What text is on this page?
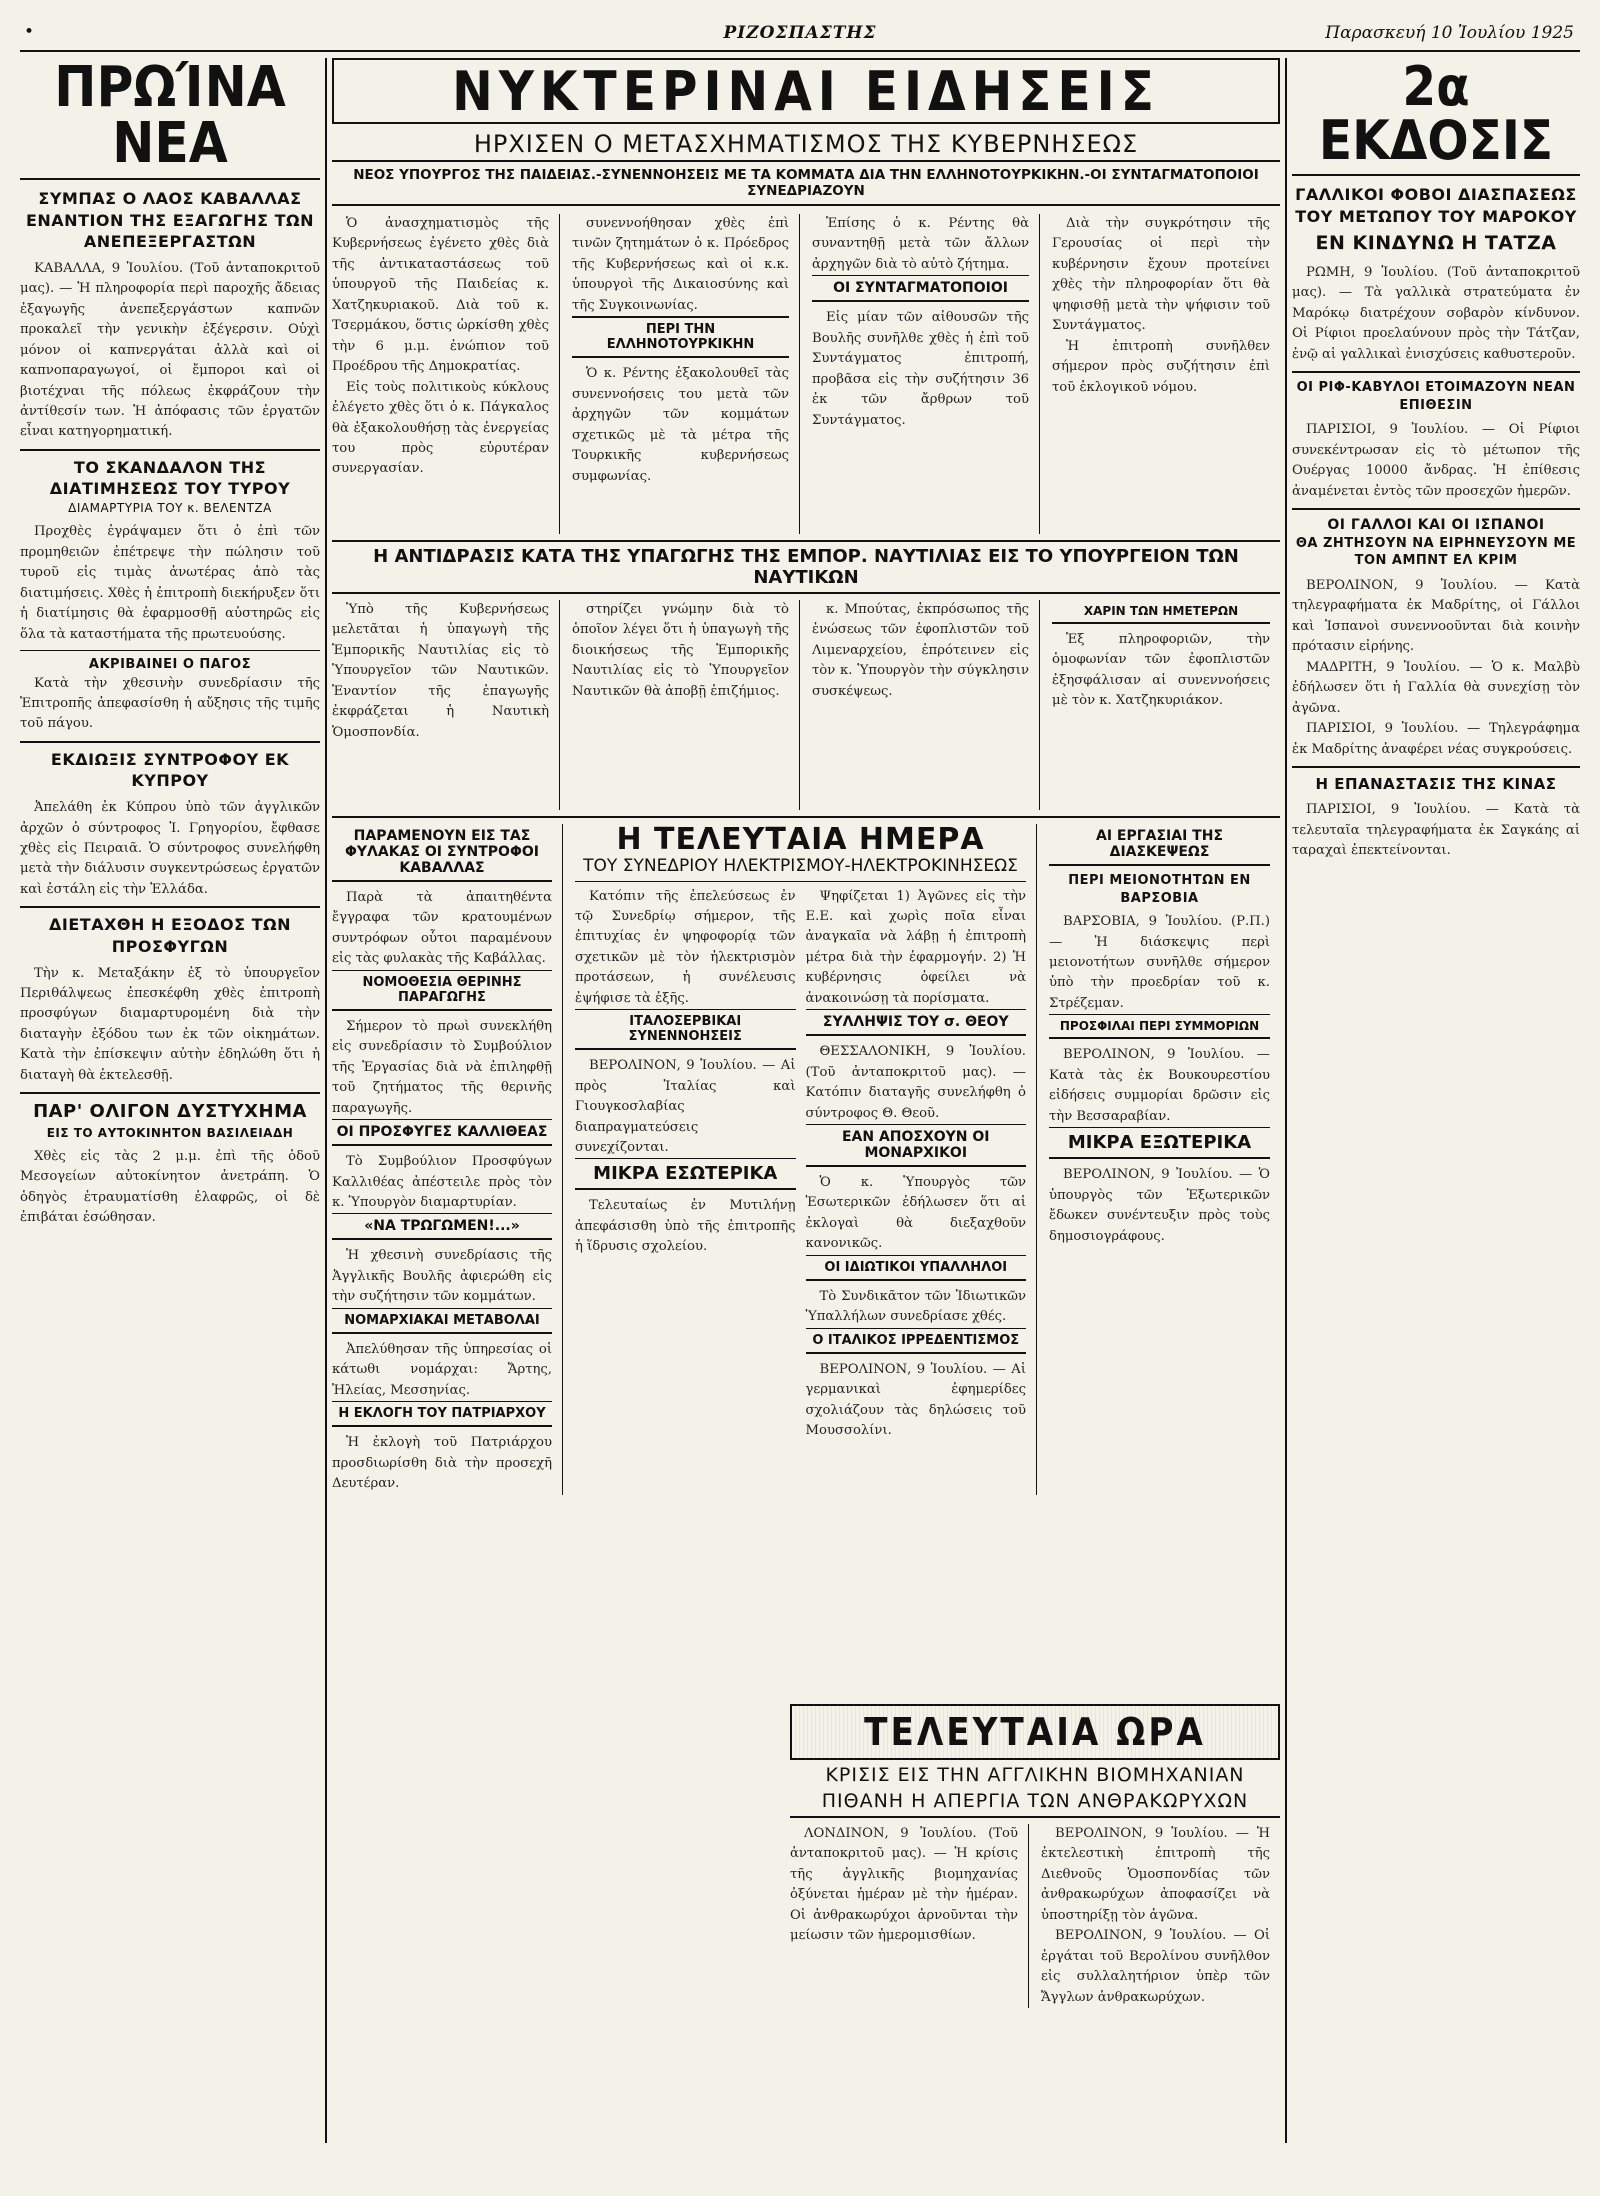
•	ΡΙΖΟΣΠΑΣΤΗΣ	Παρασκευή 10 Ἰουλίου 1925
ΠΡΩΊΝΑ ΝΕΑ
ΣΥΜΠΑΣ Ο ΛΑΟΣ ΚΑΒΑΛΛΑΣ ΕΝΑΝΤΙΟΝ ΤΗΣ ΕΞΑΓΩΓΗΣ ΤΩΝ ΑΝΕΠΕΞΕΡΓΑΣΤΩΝ
ΚΑΒΑΛΛΑ, 9 Ἰουλίου. (Τοῦ ἀνταποκριτοῦ μας). — Ἡ πληροφορία περὶ παροχῆς ἄδειας ἐξαγωγῆς ἀνεπεξεργάστων καπνῶν προκαλεῖ τὴν γενικὴν ἐξέγερσιν. Οὐχὶ μόνον οἱ καπνεργάται ἀλλὰ καὶ οἱ καπνοπαραγωγοί, οἱ ἔμποροι καὶ οἱ βιοτέχναι τῆς πόλεως ἐκφράζουν τὴν ἀντίθεσίν των. Ἡ ἀπόφασις τῶν ἐργατῶν εἶναι κατηγορηματική.
ΤΟ ΣΚΑΝΔΑΛΟΝ ΤΗΣ ΔΙΑΤΙΜΗΣΕΩΣ ΤΟΥ ΤΥΡΟΥ
ΔΙΑΜΑΡΤΥΡΙΑ ΤΟΥ κ. ΒΕΛΕΝΤΖΑ
Προχθὲς ἐγράψαμεν ὅτι ὁ ἐπὶ τῶν προμηθειῶν ἐπέτρεψε τὴν πώλησιν τοῦ τυροῦ εἰς τιμὰς ἀνωτέρας ἀπὸ τὰς διατιμήσεις. Χθὲς ἡ ἐπιτροπὴ διεκήρυξεν ὅτι ἡ διατίμησις θὰ ἐφαρμοσθῇ αὐστηρῶς εἰς ὅλα τὰ καταστήματα τῆς πρωτευούσης.
ΑΚΡΙΒΑΙΝΕΙ Ο ΠΑΓΟΣ
Κατὰ τὴν χθεσινὴν συνεδρίασιν τῆς Ἐπιτροπῆς ἀπεφασίσθη ἡ αὔξησις τῆς τιμῆς τοῦ πάγου.
ΕΚΔΙΩΞΙΣ ΣΥΝΤΡΟΦΟΥ ΕΚ ΚΥΠΡΟΥ
Ἀπελάθη ἐκ Κύπρου ὑπὸ τῶν ἀγγλικῶν ἀρχῶν ὁ σύντροφος Ἰ. Γρηγορίου, ἔφθασε χθὲς εἰς Πειραιᾶ. Ὁ σύντροφος συνελήφθη μετὰ τὴν διάλυσιν συγκεντρώσεως ἐργατῶν καὶ ἐστάλη εἰς τὴν Ἑλλάδα.
ΔΙΕΤΑΧΘΗ Η ΕΞΟΔΟΣ ΤΩΝ ΠΡΟΣΦΥΓΩΝ
Τὴν κ. Μεταξάκην ἐξ τὸ ὑπουργεῖον Περιθάλψεως ἐπεσκέφθη χθὲς ἐπιτροπὴ προσφύγων διαμαρτυρομένη διὰ τὴν διαταγὴν ἐξόδου των ἐκ τῶν οἰκημάτων. Κατὰ τὴν ἐπίσκεψιν αὐτὴν ἐδηλώθη ὅτι ἡ διαταγὴ θὰ ἐκτελεσθῇ.
ΠΑΡ' ΟΛΙΓΟΝ ΔΥΣΤΥΧΗΜΑ
ΕΙΣ ΤΟ ΑΥΤΟΚΙΝΗΤΟΝ ΒΑΣΙΛΕΙΑΔΗ
Χθὲς εἰς τὰς 2 μ.μ. ἐπὶ τῆς ὁδοῦ Μεσογείων αὐτοκίνητον ἀνετράπη. Ὁ ὁδηγὸς ἐτραυματίσθη ἐλαφρῶς, οἱ δὲ ἐπιβάται ἐσώθησαν.
ΝΥΚΤΕΡΙΝΑΙ ΕΙΔΗΣΕΙΣ
ΗΡΧΙΣΕΝ Ο ΜΕΤΑΣΧΗΜΑΤΙΣΜΟΣ ΤΗΣ ΚΥΒΕΡΝΗΣΕΩΣ
ΝΕΟΣ ΥΠΟΥΡΓΟΣ ΤΗΣ ΠΑΙΔΕΙΑΣ.-ΣΥΝΕΝΝΟΗΣΕΙΣ ΜΕ ΤΑ ΚΟΜΜΑΤΑ ΔΙΑ ΤΗΝ ΕΛΛΗΝΟΤΟΥΡΚΙΚΗΝ.-ΟΙ ΣΥΝΤΑΓΜΑΤΟΠΟΙΟΙ ΣΥΝΕΔΡΙΑΖΟΥΝ
Ὁ ἀνασχηματισμὸς τῆς Κυβερνήσεως ἐγένετο χθὲς διὰ τῆς ἀντικαταστάσεως τοῦ ὑπουργοῦ τῆς Παιδείας κ. Χατζηκυριακοῦ. Διὰ τοῦ κ. Τσερμάκου, ὅστις ὡρκίσθη χθὲς τὴν 6 μ.μ. ἐνώπιον τοῦ Προέδρου τῆς Δημοκρατίας.
Εἰς τοὺς πολιτικοὺς κύκλους ἐλέγετο χθὲς ὅτι ὁ κ. Πάγκαλος θὰ ἐξακολουθήσῃ τὰς ἐνεργείας του πρὸς εὐρυτέραν συνεργασίαν.
συνεννοήθησαν χθὲς ἐπὶ τινῶν ζητημάτων ὁ κ. Πρόεδρος τῆς Κυβερνήσεως καὶ οἱ κ.κ. ὑπουργοὶ τῆς Δικαιοσύνης καὶ τῆς Συγκοινωνίας.
ΠΕΡΙ ΤΗΝ ΕΛΛΗΝΟΤΟΥΡΚΙΚΗΝ
Ὁ κ. Ρέντης ἐξακολουθεῖ τὰς συνεννοήσεις του μετὰ τῶν ἀρχηγῶν τῶν κομμάτων σχετικῶς μὲ τὰ μέτρα τῆς Τουρκικῆς κυβερνήσεως συμφωνίας.
Ἐπίσης ὁ κ. Ρέντης θὰ συναντηθῇ μετὰ τῶν ἄλλων ἀρχηγῶν διὰ τὸ αὐτὸ ζήτημα.
ΟΙ ΣΥΝΤΑΓΜΑΤΟΠΟΙΟΙ
Εἰς μίαν τῶν αἰθουσῶν τῆς Βουλῆς συνῆλθε χθὲς ἡ ἐπὶ τοῦ Συντάγματος ἐπιτροπή, προβᾶσα εἰς τὴν συζήτησιν 36 ἐκ τῶν ἄρθρων τοῦ Συντάγματος.
Διὰ τὴν συγκρότησιν τῆς Γερουσίας οἱ περὶ τὴν κυβέρνησιν ἔχουν προτείνει χθὲς τὴν πληροφορίαν ὅτι θὰ ψηφισθῇ μετὰ τὴν ψήφισιν τοῦ Συντάγματος.
Ἡ ἐπιτροπὴ συνῆλθεν σήμερον πρὸς συζήτησιν ἐπὶ τοῦ ἐκλογικοῦ νόμου.
Η ΑΝΤΙΔΡΑΣΙΣ ΚΑΤΑ ΤΗΣ ΥΠΑΓΩΓΗΣ ΤΗΣ ΕΜΠΟΡ. ΝΑΥΤΙΛΙΑΣ ΕΙΣ ΤΟ ΥΠΟΥΡΓΕΙΟΝ ΤΩΝ ΝΑΥΤΙΚΩΝ
Ὑπὸ τῆς Κυβερνήσεως μελετᾶται ἡ ὑπαγωγὴ τῆς Ἐμπορικῆς Ναυτιλίας εἰς τὸ Ὑπουργεῖον τῶν Ναυτικῶν. Ἐναντίον τῆς ἐπαγωγῆς ἐκφράζεται ἡ Ναυτικὴ Ὁμοσπονδία.
στηρίζει γνώμην διὰ τὸ ὁποῖον λέγει ὅτι ἡ ὑπαγωγὴ τῆς διοικήσεως τῆς Ἐμπορικῆς Ναυτιλίας εἰς τὸ Ὑπουργεῖον Ναυτικῶν θὰ ἀποβῇ ἐπιζήμιος.
κ. Μπούτας, ἐκπρόσωπος τῆς ἑνώσεως τῶν ἐφοπλιστῶν τοῦ Λιμεναρχείου, ἐπρότεινεν εἰς τὸν κ. Ὑπουργὸν τὴν σύγκλησιν συσκέψεως.
ΧΑΡΙΝ ΤΩΝ ΗΜΕΤΕΡΩΝ
Ἐξ πληροφοριῶν, τὴν ὁμοφωνίαν τῶν ἐφοπλιστῶν ἐξησφάλισαν αἱ συνεννοήσεις μὲ τὸν κ. Χατζηκυριάκον.
ΠΑΡΑΜΕΝΟΥΝ ΕΙΣ ΤΑΣ ΦΥΛΑΚΑΣ ΟΙ ΣΥΝΤΡΟΦΟΙ ΚΑΒΑΛΛΑΣ
Παρὰ τὰ ἀπαιτηθέντα ἔγγραφα τῶν κρατουμένων συντρόφων οὗτοι παραμένουν εἰς τὰς φυλακὰς τῆς Καβάλλας.
ΝΟΜΟΘΕΣΙΑ ΘΕΡΙΝΗΣ ΠΑΡΑΓΩΓΗΣ
Σήμερον τὸ πρωὶ συνεκλήθη εἰς συνεδρίασιν τὸ Συμβούλιον τῆς Ἐργασίας διὰ νὰ ἐπιληφθῇ τοῦ ζητήματος τῆς θερινῆς παραγωγῆς.
ΟΙ ΠΡΟΣΦΥΓΕΣ ΚΑΛΛΙΘΕΑΣ
Τὸ Συμβούλιον Προσφύγων Καλλιθέας ἀπέστειλε πρὸς τὸν κ. Ὑπουργὸν διαμαρτυρίαν.
«ΝΑ ΤΡΩΓΩΜΕΝ!...»
Ἡ χθεσινὴ συνεδρίασις τῆς Ἀγγλικῆς Βουλῆς ἀφιερώθη εἰς τὴν συζήτησιν τῶν κομμάτων.
ΝΟΜΑΡΧΙΑΚΑΙ ΜΕΤΑΒΟΛΑΙ
Ἀπελύθησαν τῆς ὑπηρεσίας οἱ κάτωθι νομάρχαι: Ἄρτης, Ἠλείας, Μεσσηνίας.
Η ΕΚΛΟΓΗ ΤΟΥ ΠΑΤΡΙΑΡΧΟΥ
Ἡ ἐκλογὴ τοῦ Πατριάρχου προσδιωρίσθη διὰ τὴν προσεχῆ Δευτέραν.
Η ΤΕΛΕΥΤΑΙΑ ΗΜΕΡΑ
ΤΟΥ ΣΥΝΕΔΡΙΟΥ ΗΛΕΚΤΡΙΣΜΟΥ-ΗΛΕΚΤΡΟΚΙΝΗΣΕΩΣ
Κατόπιν τῆς ἐπελεύσεως ἐν τῷ Συνεδρίῳ σήμερον, τῆς ἐπιτυχίας ἐν ψηφοφορίᾳ τῶν σχετικῶν μὲ τὸν ἠλεκτρισμὸν προτάσεων, ἡ συνέλευσις ἐψήφισε τὰ ἑξῆς.
ΙΤΑΛΟΣΕΡΒΙΚΑΙ ΣΥΝΕΝΝΟΗΣΕΙΣ
ΒΕΡΟΛΙΝΟΝ, 9 Ἰουλίου. — Αἱ πρὸς Ἰταλίας καὶ Γιουγκοσλαβίας διαπραγματεύσεις συνεχίζονται.
ΜΙΚΡΑ ΕΣΩΤΕΡΙΚΑ
Τελευταίως ἐν Μυτιλήνῃ ἀπεφάσισθη ὑπὸ τῆς ἐπιτροπῆς ἡ ἵδρυσις σχολείου.
Ψηφίζεται 1) Ἀγῶνες εἰς τὴν Ε.Ε. καὶ χωρὶς ποῖα εἶναι ἀναγκαῖα νὰ λάβῃ ἡ ἐπιτροπὴ μέτρα διὰ τὴν ἐφαρμογήν. 2) Ἡ κυβέρνησις ὀφείλει νὰ ἀνακοινώσῃ τὰ πορίσματα.
ΣΥΛΛΗΨΙΣ ΤΟΥ σ. ΘΕΟΥ
ΘΕΣΣΑΛΟΝΙΚΗ, 9 Ἰουλίου. (Τοῦ ἀνταποκριτοῦ μας). — Κατόπιν διαταγῆς συνελήφθη ὁ σύντροφος Θ. Θεοῦ.
ΕΑΝ ΑΠΟΣΧΟΥΝ ΟΙ ΜΟΝΑΡΧΙΚΟΙ
Ὁ κ. Ὑπουργὸς τῶν Ἐσωτερικῶν ἐδήλωσεν ὅτι αἱ ἐκλογαὶ θὰ διεξαχθοῦν κανονικῶς.
ΟΙ ΙΔΙΩΤΙΚΟΙ ΥΠΑΛΛΗΛΟΙ
Τὸ Συνδικᾶτον τῶν Ἰδιωτικῶν Ὑπαλλήλων συνεδρίασε χθές.
Ο ΙΤΑΛΙΚΟΣ ΙΡΡΕΔΕΝΤΙΣΜΟΣ
ΒΕΡΟΛΙΝΟΝ, 9 Ἰουλίου. — Αἱ γερμανικαὶ ἐφημερίδες σχολιάζουν τὰς δηλώσεις τοῦ Μουσσολίνι.
ΑΙ ΕΡΓΑΣΙΑΙ ΤΗΣ ΔΙΑΣΚΕΨΕΩΣ
ΠΕΡΙ ΜΕΙΟΝΟΤΗΤΩΝ ΕΝ ΒΑΡΣΟΒΙΑ
ΒΑΡΣΟΒΙΑ, 9 Ἰουλίου. (Ρ.Π.) — Ἡ διάσκεψις περὶ μειονοτήτων συνῆλθε σήμερον ὑπὸ τὴν προεδρίαν τοῦ κ. Στρέζεμαν.
ΠΡΟΣΦΙΛΑΙ ΠΕΡΙ ΣΥΜΜΟΡΙΩΝ
ΒΕΡΟΛΙΝΟΝ, 9 Ἰουλίου. — Κατὰ τὰς ἐκ Βουκουρεστίου εἰδήσεις συμμορίαι δρῶσιν εἰς τὴν Βεσσαραβίαν.
ΜΙΚΡΑ ΕΞΩΤΕΡΙΚΑ
ΒΕΡΟΛΙΝΟΝ, 9 Ἰουλίου. — Ὁ ὑπουργὸς τῶν Ἐξωτερικῶν ἔδωκεν συνέντευξιν πρὸς τοὺς δημοσιογράφους.
ΤΕΛΕΥΤΑΙΑ ΩΡΑ
ΚΡΙΣΙΣ ΕΙΣ ΤΗΝ ΑΓΓΛΙΚΗΝ ΒΙΟΜΗΧΑΝΙΑΝ
ΠΙΘΑΝΗ Η ΑΠΕΡΓΙΑ ΤΩΝ ΑΝΘΡΑΚΩΡΥΧΩΝ
ΛΟΝΔΙΝΟΝ, 9 Ἰουλίου. (Τοῦ ἀνταποκριτοῦ μας). — Ἡ κρίσις τῆς ἀγγλικῆς βιομηχανίας ὀξύνεται ἡμέραν μὲ τὴν ἡμέραν. Οἱ ἀνθρακωρύχοι ἀρνοῦνται τὴν μείωσιν τῶν ἡμερομισθίων.
ΒΕΡΟΛΙΝΟΝ, 9 Ἰουλίου. — Ἡ ἐκτελεστικὴ ἐπιτροπὴ τῆς Διεθνοῦς Ὁμοσπονδίας τῶν ἀνθρακωρύχων ἀποφασίζει νὰ ὑποστηρίξῃ τὸν ἀγῶνα.
ΒΕΡΟΛΙΝΟΝ, 9 Ἰουλίου. — Οἱ ἐργάται τοῦ Βερολίνου συνῆλθον εἰς συλλαλητήριον ὑπὲρ τῶν Ἄγγλων ἀνθρακωρύχων.
2α ΕΚΔΟΣΙΣ
ΓΑΛΛΙΚΟΙ ΦΟΒΟΙ ΔΙΑΣΠΑΣΕΩΣ ΤΟΥ ΜΕΤΩΠΟΥ ΤΟΥ ΜΑΡΟΚΟΥ
ΕΝ ΚΙΝΔΥΝΩ Η ΤΑΤΖΑ
ΡΩΜΗ, 9 Ἰουλίου. (Τοῦ ἀνταποκριτοῦ μας). — Τὰ γαλλικὰ στρατεύματα ἐν Μαρόκῳ διατρέχουν σοβαρὸν κίνδυνον. Οἱ Ρίφιοι προελαύνουν πρὸς τὴν Τάτζαν, ἐνῷ αἱ γαλλικαὶ ἐνισχύσεις καθυστεροῦν.
ΟΙ ΡΙΦ-ΚΑΒΥΛΟΙ ΕΤΟΙΜΑΖΟΥΝ ΝΕΑΝ ΕΠΙΘΕΣΙΝ
ΠΑΡΙΣΙΟΙ, 9 Ἰουλίου. — Οἱ Ρίφιοι συνεκέντρωσαν εἰς τὸ μέτωπον τῆς Ουέργας 10000 ἄνδρας. Ἡ ἐπίθεσις ἀναμένεται ἐντὸς τῶν προσεχῶν ἡμερῶν.
ΟΙ ΓΑΛΛΟΙ ΚΑΙ ΟΙ ΙΣΠΑΝΟΙ
ΘΑ ΖΗΤΗΣΟΥΝ ΝΑ ΕΙΡΗΝΕΥΣΟΥΝ ΜΕ ΤΟΝ ΑΜΠΝΤ ΕΛ ΚΡΙΜ
ΒΕΡΟΛΙΝΟΝ, 9 Ἰουλίου. — Κατὰ τηλεγραφήματα ἐκ Μαδρίτης, οἱ Γάλλοι καὶ Ἰσπανοὶ συνεννοοῦνται διὰ κοινὴν πρότασιν εἰρήνης.
ΜΑΔΡΙΤΗ, 9 Ἰουλίου. — Ὁ κ. Μαλβὺ ἐδήλωσεν ὅτι ἡ Γαλλία θὰ συνεχίσῃ τὸν ἀγῶνα.
ΠΑΡΙΣΙΟΙ, 9 Ἰουλίου. — Τηλεγράφημα ἐκ Μαδρίτης ἀναφέρει νέας συγκρούσεις.
Η ΕΠΑΝΑΣΤΑΣΙΣ ΤΗΣ ΚΙΝΑΣ
ΠΑΡΙΣΙΟΙ, 9 Ἰουλίου. — Κατὰ τὰ τελευταῖα τηλεγραφήματα ἐκ Σαγκάης αἱ ταραχαὶ ἐπεκτείνονται.
